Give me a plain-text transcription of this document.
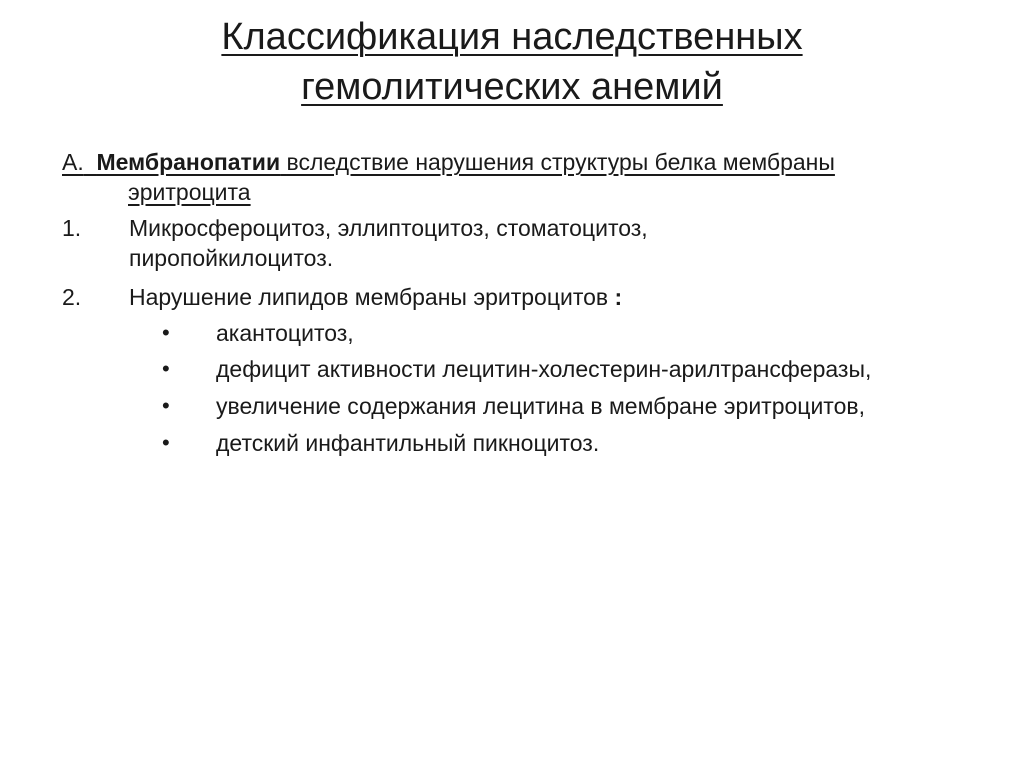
Классификация наследственных
гемолитических анемий
А. Мембранопатии вследствие нарушения структуры белка мембраны
эритроцита
1. Микросфероцитоз, эллиптоцитоз, стоматоцитоз,
пиропойкилоцитоз.
2. Нарушение липидов мембраны эритроцитов :
• акантоцитоз,
• дефицит активности лецитин-холестерин-арилтрансферазы,
• увеличение содержания лецитина в мембране эритроцитов,
• детский инфантильный пикноцитоз.
